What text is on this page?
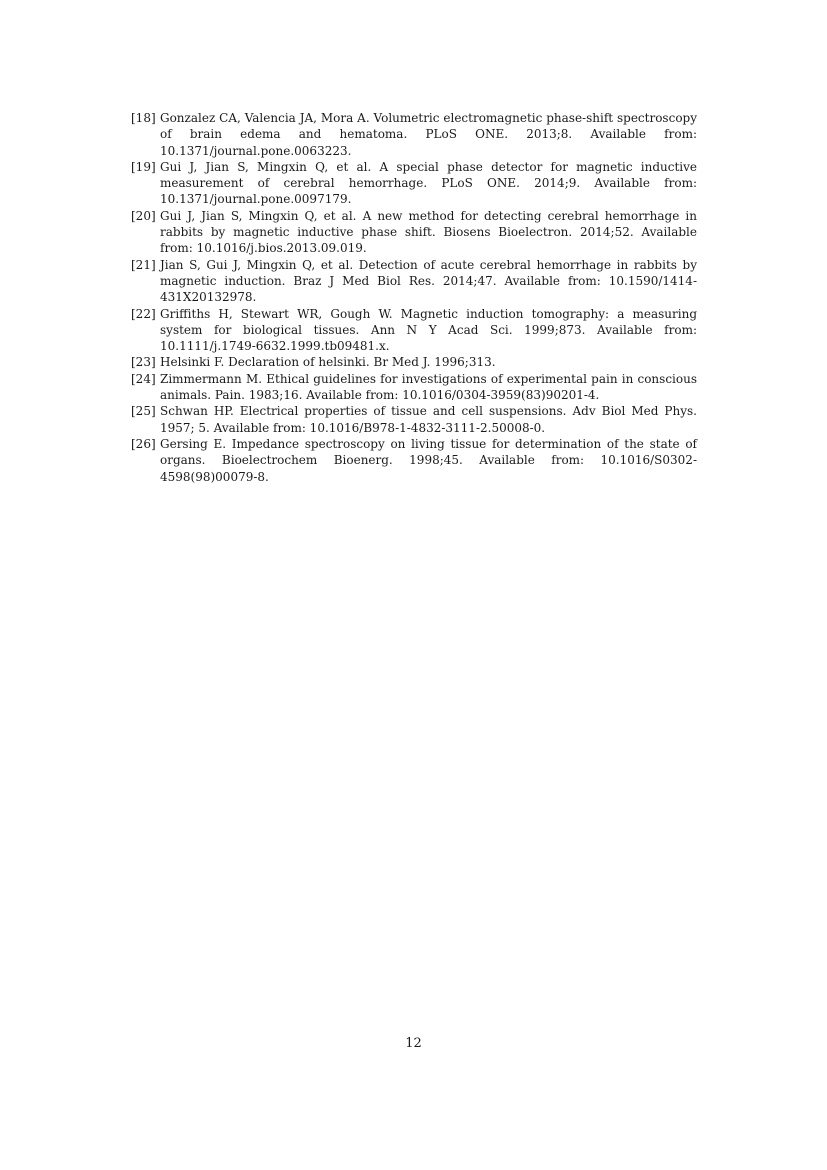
[18] Gonzalez CA, Valencia JA, Mora A. Volumetric electromagnetic phase-shift spectroscopy of brain edema and hematoma. PLoS ONE. 2013;8. Available from: 10.1371/journal.pone.0063223.
[19] Gui J, Jian S, Mingxin Q, et al. A special phase detector for magnetic inductive measurement of cerebral hemorrhage. PLoS ONE. 2014;9. Available from: 10.1371/journal.pone.0097179.
[20] Gui J, Jian S, Mingxin Q, et al. A new method for detecting cerebral hemorrhage in rabbits by magnetic inductive phase shift. Biosens Bioelectron. 2014;52. Available from: 10.1016/j.bios.2013.09.019.
[21] Jian S, Gui J, Mingxin Q, et al. Detection of acute cerebral hemorrhage in rabbits by magnetic induction. Braz J Med Biol Res. 2014;47. Available from: 10.1590/1414-431X20132978.
[22] Griffiths H, Stewart WR, Gough W. Magnetic induction tomography: a measuring system for biological tissues. Ann N Y Acad Sci. 1999;873. Available from: 10.1111/j.1749-6632.1999.tb09481.x.
[23] Helsinki F. Declaration of helsinki. Br Med J. 1996;313.
[24] Zimmermann M. Ethical guidelines for investigations of experimental pain in conscious animals. Pain. 1983;16. Available from: 10.1016/0304-3959(83)90201-4.
[25] Schwan HP. Electrical properties of tissue and cell suspensions. Adv Biol Med Phys. 1957; 5. Available from: 10.1016/B978-1-4832-3111-2.50008-0.
[26] Gersing E. Impedance spectroscopy on living tissue for determination of the state of organs. Bioelectrochem Bioenerg. 1998;45. Available from: 10.1016/S0302-4598(98)00079-8.
12
